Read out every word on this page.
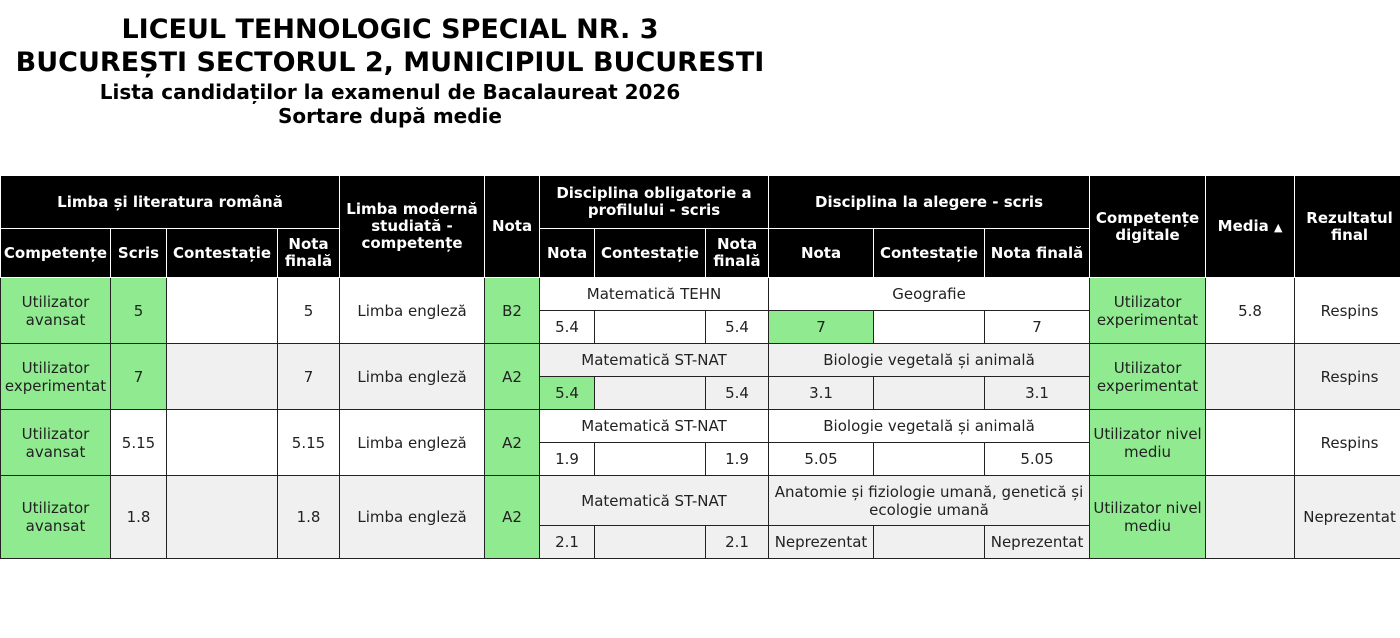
LICEUL TEHNOLOGIC SPECIAL NR. 3
BUCUREȘTI SECTORUL 2, MUNICIPIUL BUCURESTI
Lista candidaților la examenul de Bacalaureat 2026
Sortare după medie
Limba și literatura română				Limba modernă studiată - competențe	Nota	Disciplina obligatorie a profilului - scris			Disciplina la alegere - scris			Competențe digitale	Media ▲	Rezultatul final
Competențe	Scris	Contestație	Nota finală			Nota	Contestație	Nota finală	Nota	Contestație	Nota finală			
Utilizator avansat	5		5	Limba engleză	B2	Matematică TEHN			Geografie			Utilizator experimentat	5.8	Respins
						5.4		5.4	7		7			
Utilizator experimentat	7		7	Limba engleză	A2	Matematică ST-NAT			Biologie vegetală și animală			Utilizator experimentat		Respins
						5.4		5.4	3.1		3.1			
Utilizator avansat	5.15		5.15	Limba engleză	A2	Matematică ST-NAT			Biologie vegetală și animală			Utilizator nivel mediu		Respins
						1.9		1.9	5.05		5.05			
Utilizator avansat	1.8		1.8	Limba engleză	A2	Matematică ST-NAT			Anatomie și fiziologie umană, genetică și ecologie umană			Utilizator nivel mediu		Neprezentat
						2.1		2.1	Neprezentat		Neprezentat			
